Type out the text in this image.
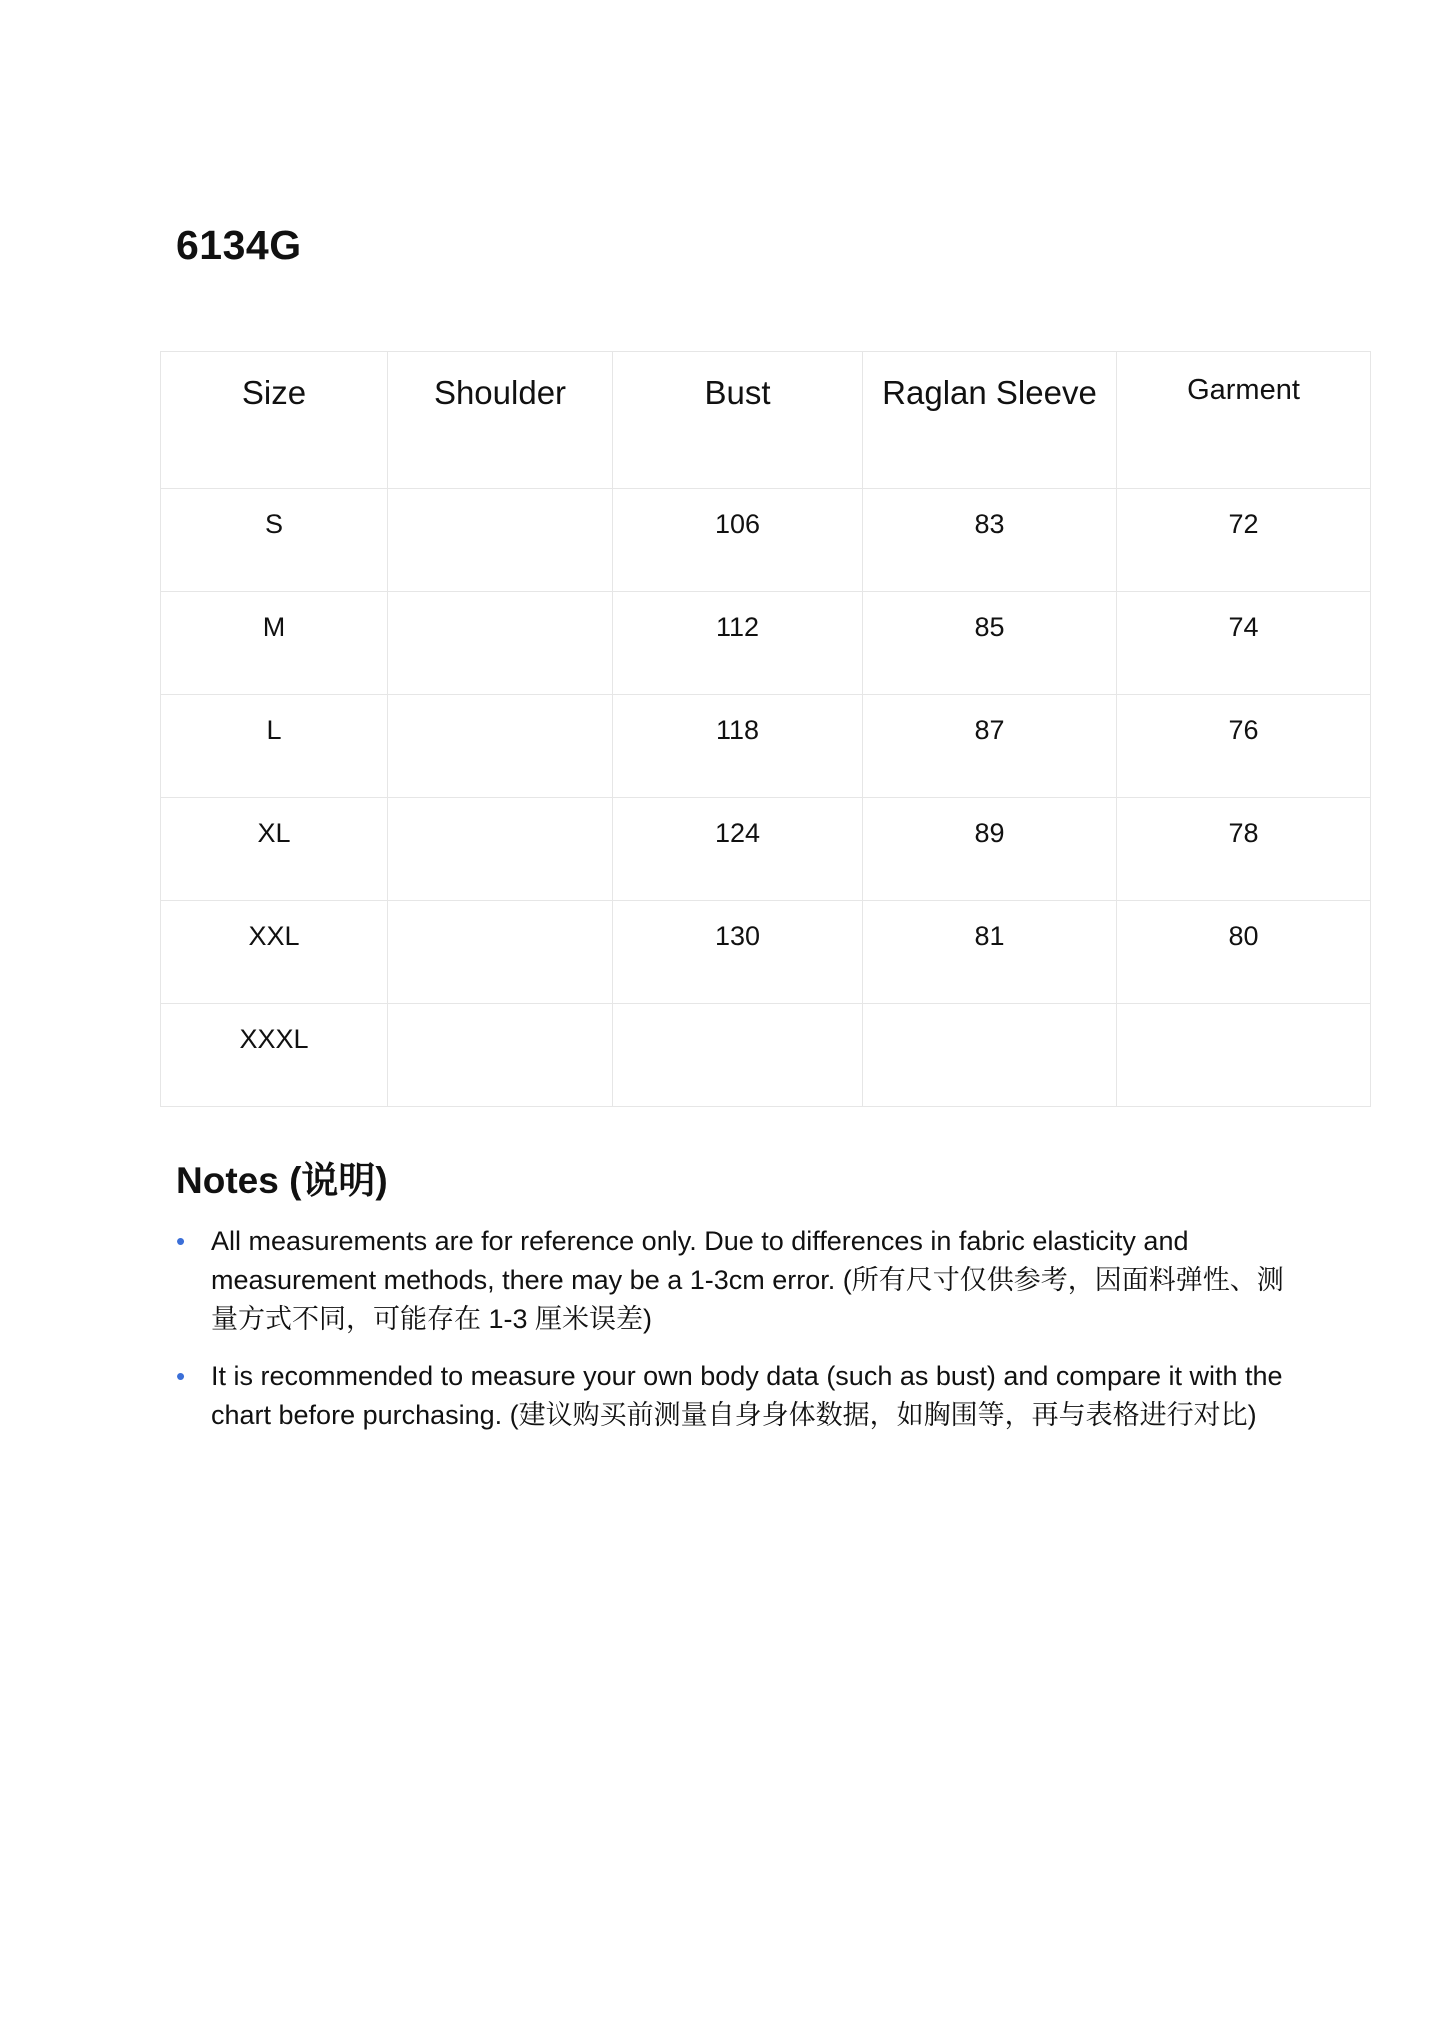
6134G
Size	Shoulder	Bust	Raglan Sleeve	Garment
S		106	83	72
M		112	85	74
L		118	87	76
XL		124	89	78
XXL		130	81	80
XXXL				
Notes (说明)
• All measurements are for reference only. Due to differences in fabric elasticity and measurement methods, there may be a 1-3cm error. (所有尺寸仅供参考，因面料弹性、测量方式不同，可能存在 1-3 厘米误差)
• It is recommended to measure your own body data (such as bust) and compare it with the chart before purchasing. (建议购买前测量自身身体数据，如胸围等，再与表格进行对比)
